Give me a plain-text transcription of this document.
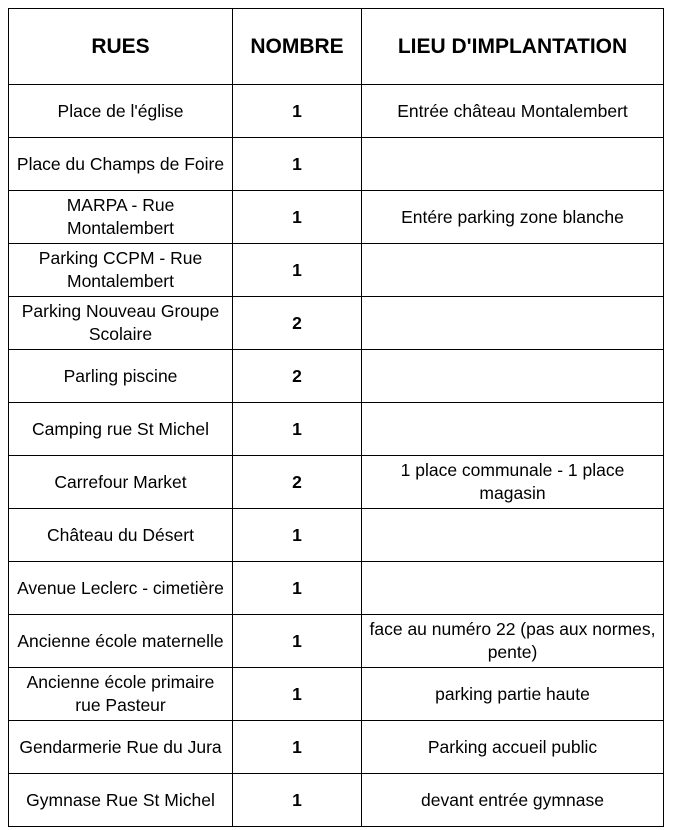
RUES	NOMBRE	LIEU D'IMPLANTATION
Place de l'église	1	Entrée château Montalembert
Place du Champs de Foire	1	
MARPA - Rue Montalembert	1	Entére parking zone blanche
Parking CCPM - Rue Montalembert	1	
Parking Nouveau Groupe Scolaire	2	
Parling piscine	2	
Camping rue St Michel	1	
Carrefour Market	2	1 place communale - 1 place magasin
Château du Désert	1	
Avenue Leclerc - cimetière	1	
Ancienne école maternelle	1	face au numéro 22 (pas aux normes, pente)
Ancienne école primaire rue Pasteur	1	parking partie haute
Gendarmerie Rue du Jura	1	Parking accueil public
Gymnase Rue St Michel	1	devant entrée gymnase
